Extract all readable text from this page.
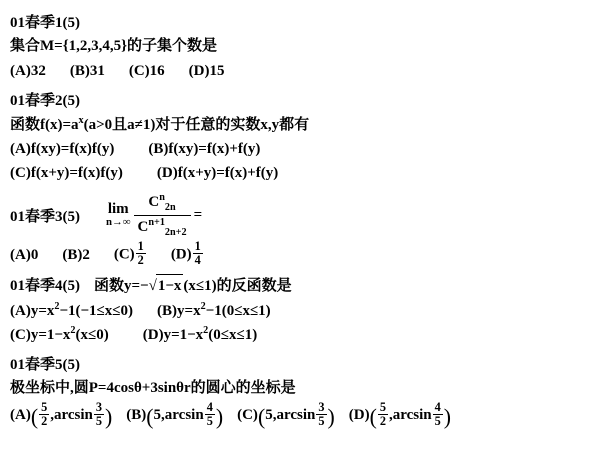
01春季1(5)
集合M={1,2,3,4,5}的子集个数是
(A)32 (B)31 (C)16 (D)15
01春季2(5)
函数$f(x)=a^x(a>0$且a≠1)对于任意的实数x,y都有
(A)f(xy)=f(x)f(y) (B)f(xy)=f(x)+f(y)
(C)f(x+y)=f(x)f(y) (D)f(x+y)=f(x)+f(y)
01春季3(5)
lim
$n\to\infty \frac{C^n_{2n}}{C^{n+1}_{2n+2}}$ =
(A)0 (B)2 $(C) \frac{1}{2} (D) \frac{1}{4}$
01春季4(5) 函数y=−√1−x (x≤1)的反函数是
$(A)y=x^2-1(-1\le x\le 0)$ $(B)y=x^2-1(0\le x\le 1)$
$(C)y=1-x^2(x\le 0)$ $(D)y=1-x^2(0\le x\le 1)$
01春季5(5)
极坐标中,圆P=4cosθ+3sinθr的圆心的坐标是
$(A)( \frac{5}{2} ,\arcsin \frac{3}{5}$ ) $(B)(5,\arcsin \frac{4}{5}$ ) $(C)(5,\arcsin \frac{3}{5}$ ) $(D)( \frac{5}{2} ,\arcsin \frac{4}{5}$ )
